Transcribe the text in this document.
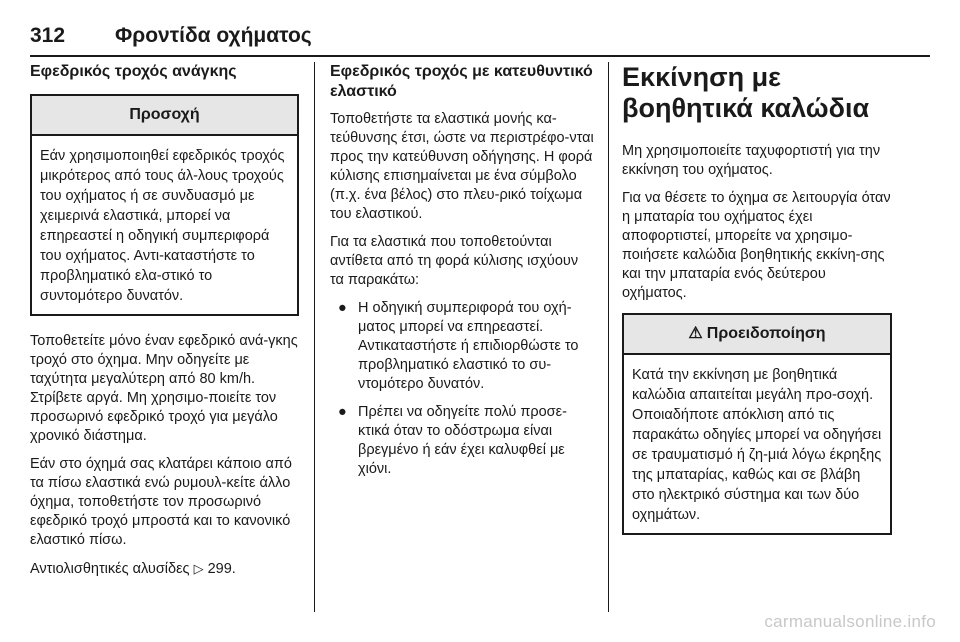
312	Φροντίδα οχήματος
Εφεδρικός τροχός ανάγκης
Προσοχή
Εάν χρησιμοποιηθεί εφεδρικός τροχός μικρότερος από τους άλ-λους τροχούς του οχήματος ή σε συνδυασμό με χειμερινά ελαστικά, μπορεί να επηρεαστεί η οδηγική συμπεριφορά του οχήματος. Αντι-καταστήστε το προβληματικό ελα-στικό το συντομότερο δυνατόν.

Τοποθετείτε μόνο έναν εφεδρικό ανά-γκης τροχό στο όχημα. Μην οδηγείτε με ταχύτητα μεγαλύτερη από 80 km/h. Στρίβετε αργά. Μη χρησιμο-ποιείτε τον προσωρινό εφεδρικό τροχό για μεγάλο χρονικό διάστημα.

Εάν στο όχημά σας κλατάρει κάποιο από τα πίσω ελαστικά ενώ ρυμουλ-κείτε άλλο όχημα, τοποθετήστε τον προσωρινό εφεδρικό τροχό μπροστά και το κανονικό ελαστικό πίσω.

Αντιολισθητικές αλυσίδες ▷ 299.

Εφεδρικός τροχός με κατευθυντικό ελαστικό

Τοποθετήστε τα ελαστικά μονής κα-τεύθυνσης έτσι, ώστε να περιστρέφο-νται προς την κατεύθυνση οδήγησης. Η φορά κύλισης επισημαίνεται με ένα σύμβολο (π.χ. ένα βέλος) στο πλευ-ρικό τοίχωμα του ελαστικού.

Για τα ελαστικά που τοποθετούνται αντίθετα από τη φορά κύλισης ισχύουν τα παρακάτω:

● Η οδηγική συμπεριφορά του οχή-ματος μπορεί να επηρεαστεί. Αντικαταστήστε ή επιδιορθώστε το προβληματικό ελαστικό το συ-ντομότερο δυνατόν.
● Πρέπει να οδηγείτε πολύ προσε-κτικά όταν το οδόστρωμα είναι βρεγμένο ή εάν έχει καλυφθεί με χιόνι.
Εκκίνηση με βοηθητικά καλώδια

Μη χρησιμοποιείτε ταχυφορτιστή για την εκκίνηση του οχήματος.

Για να θέσετε το όχημα σε λειτουργία όταν η μπαταρία του οχήματος έχει αποφορτιστεί, μπορείτε να χρησιμο-ποιήσετε καλώδια βοηθητικής εκκίνη-σης και την μπαταρία ενός δεύτερου οχήματος.

⚠ Προειδοποίηση
Κατά την εκκίνηση με βοηθητικά καλώδια απαιτείται μεγάλη προ-σοχή. Οποιαδήποτε απόκλιση από τις παρακάτω οδηγίες μπορεί να οδηγήσει σε τραυματισμό ή ζη-μιά λόγω έκρηξης της μπαταρίας, καθώς και σε βλάβη στο ηλεκτρικό σύστημα και των δύο οχημάτων.
carmanualsonline.info
